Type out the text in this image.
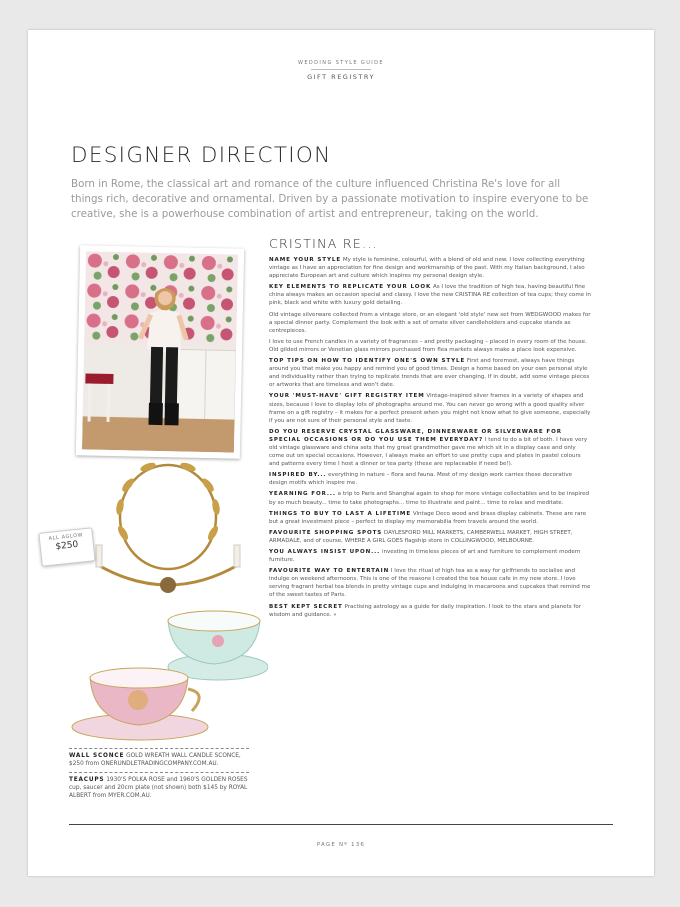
WEDDING STYLE GUIDE
GIFT REGISTRY
DESIGNER DIRECTION
Born in Rome, the classical art and romance of the culture influenced Christina Re's love for all things rich, decorative and ornamental. Driven by a passionate motivation to inspire everyone to be creative, she is a powerhouse combination of artist and entrepreneur, taking on the world.
ALL AGLOW
$250
WALL SCONCE GOLD WREATH WALL CANDLE SCONCE, $250 from ONERUNDLETRADINGCOMPANY.COM.AU.
TEACUPS 1930'S POLKA ROSE and 1960'S GOLDEN ROSES cup, saucer and 20cm plate (not shown) both $145 by ROYAL ALBERT from MYER.COM.AU.
CRISTINA RE...

NAME YOUR STYLE My style is feminine, colourful, with a blend of old and new. I love collecting everything vintage as I have an appreciation for fine design and workmanship of the past. With my Italian background, I also appreciate European art and culture which inspires my personal design style.

KEY ELEMENTS TO REPLICATE YOUR LOOK As I love the tradition of high tea, having beautiful fine china always makes an occasion special and classy. I love the new CRISTINA RE collection of tea cups; they come in pink, black and white with luxury gold detailing.

Old vintage silverware collected from a vintage store, or an elegant 'old style' new set from WEDGWOOD makes for a special dinner party. Complement the look with a set of ornate silver candleholders and cupcake stands as centrepieces.

I love to use French candles in a variety of fragrances – and pretty packaging – placed in every room of the house. Old gilded mirrors or Venetian glass mirrors purchased from flea markets always make a place look expensive.

TOP TIPS ON HOW TO IDENTIFY ONE'S OWN STYLE First and foremost, always have things around you that make you happy and remind you of good times. Design a home based on your own personal style and individuality rather than trying to replicate trends that are ever changing. If in doubt, add some vintage pieces or artworks that are timeless and won't date.

YOUR 'MUST-HAVE' GIFT REGISTRY ITEM Vintage-inspired silver frames in a variety of shapes and sizes, because I love to display lots of photographs around me. You can never go wrong with a good quality silver frame on a gift registry – it makes for a perfect present when you might not know what to give someone, especially if you are not sure of their personal style and taste.

DO YOU RESERVE CRYSTAL GLASSWARE, DINNERWARE OR SILVERWARE FOR SPECIAL OCCASIONS OR DO YOU USE THEM EVERYDAY? I tend to do a bit of both. I have very old vintage glassware and china sets that my great grandmother gave me which sit in a display case and only come out on special occasions. However, I always make an effort to use pretty cups and plates in pastel colours and patterns every time I host a dinner or tea party (these are replaceable if need be!).

INSPIRED BY... everything in nature – flora and fauna. Most of my design work carries these decorative design motifs which inspire me.

YEARNING FOR... a trip to Paris and Shanghai again to shop for more vintage collectables and to be inspired by so much beauty... time to take photographs... time to illustrate and paint... time to relax and meditate.

THINGS TO BUY TO LAST A LIFETIME Vintage Deco wood and brass display cabinets. These are rare but a great investment piece – perfect to display my memorabilia from travels around the world.

FAVOURITE SHOPPING SPOTS DAYLESFORD MILL MARKETS, CAMBERWELL MARKET, HIGH STREET, ARMADALE, and of course, WHERE A GIRL GOES flagship store in COLLINGWOOD, MELBOURNE.

YOU ALWAYS INSIST UPON... investing in timeless pieces of art and furniture to complement modern furniture.

FAVOURITE WAY TO ENTERTAIN I love the ritual of high tea as a way for girlfriends to socialise and indulge on weekend afternoons. This is one of the reasons I created the tea house cafe in my new store. I love serving fragrant herbal tea blends in pretty vintage cups and indulging in macaroons and cupcakes that remind me of the sweet tastes of Paris.

BEST KEPT SECRET Practising astrology as a guide for daily inspiration. I look to the stars and planets for wisdom and guidance. »

PAGE Nº 136
